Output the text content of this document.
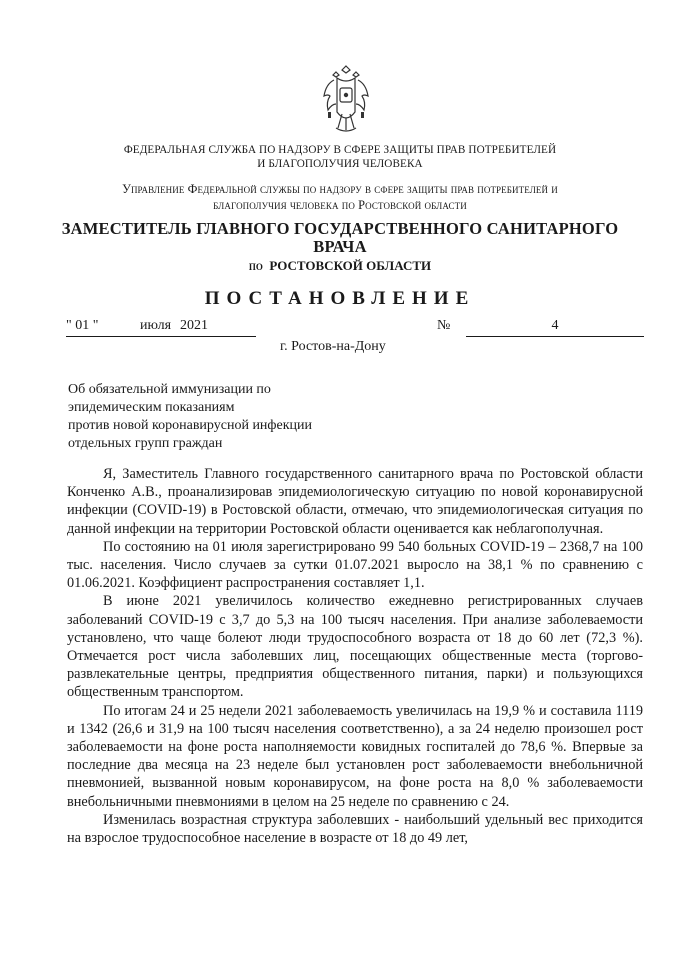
ФЕДЕРАЛЬНАЯ СЛУЖБА ПО НАДЗОРУ В СФЕРЕ ЗАЩИТЫ ПРАВ ПОТРЕБИТЕЛЕЙ
И БЛАГОПОЛУЧИЯ ЧЕЛОВЕКА
Управление Федеральной службы по надзору в сфере защиты прав потребителей и
благополучия человека по Ростовской области
ЗАМЕСТИТЕЛЬ ГЛАВНОГО ГОСУДАРСТВЕННОГО САНИТАРНОГО
ВРАЧА
по РОСТОВСКОЙ ОБЛАСТИ
ПОСТАНОВЛЕНИЕ
" 01 "	июля 2021	№	4
г. Ростов-на-Дону
Об обязательной иммунизации по
эпидемическим показаниям
против новой коронавирусной инфекции
отдельных групп граждан

Я, Заместитель Главного государственного санитарного врача по Ростовской области Конченко А.В., проанализировав эпидемиологическую ситуацию по новой коронавирусной инфекции (COVID-19) в Ростовской области, отмечаю, что эпидемиологическая ситуация по данной инфекции на территории Ростовской области оценивается как неблагополучная.

По состоянию на 01 июля зарегистрировано 99 540 больных COVID-19 – 2368,7 на 100 тыс. населения. Число случаев за сутки 01.07.2021 выросло на 38,1 % по сравнению с 01.06.2021. Коэффициент распространения составляет 1,1.

В июне 2021 увеличилось количество ежедневно регистрированных случаев заболеваний COVID-19 с 3,7 до 5,3 на 100 тысяч населения. При анализе заболеваемости установлено, что чаще болеют люди трудоспособного возраста от 18 до 60 лет (72,3 %). Отмечается рост числа заболевших лиц, посещающих общественные места (торгово-развлекательные центры, предприятия общественного питания, парки) и пользующихся общественным транспортом.

По итогам 24 и 25 недели 2021 заболеваемость увеличилась на 19,9 % и составила 1119 и 1342 (26,6 и 31,9 на 100 тысяч населения соответственно), а за 24 неделю произошел рост заболеваемости на фоне роста наполняемости ковидных госпиталей до 78,6 %. Впервые за последние два месяца на 23 неделе был установлен рост заболеваемости внебольничной пневмонией, вызванной новым коронавирусом, на фоне роста на 8,0 % заболеваемости внебольничными пневмониями в целом на 25 неделе по сравнению с 24.

Изменилась возрастная структура заболевших - наибольший удельный вес приходится на взрослое трудоспособное население в возрасте от 18 до 49 лет,
